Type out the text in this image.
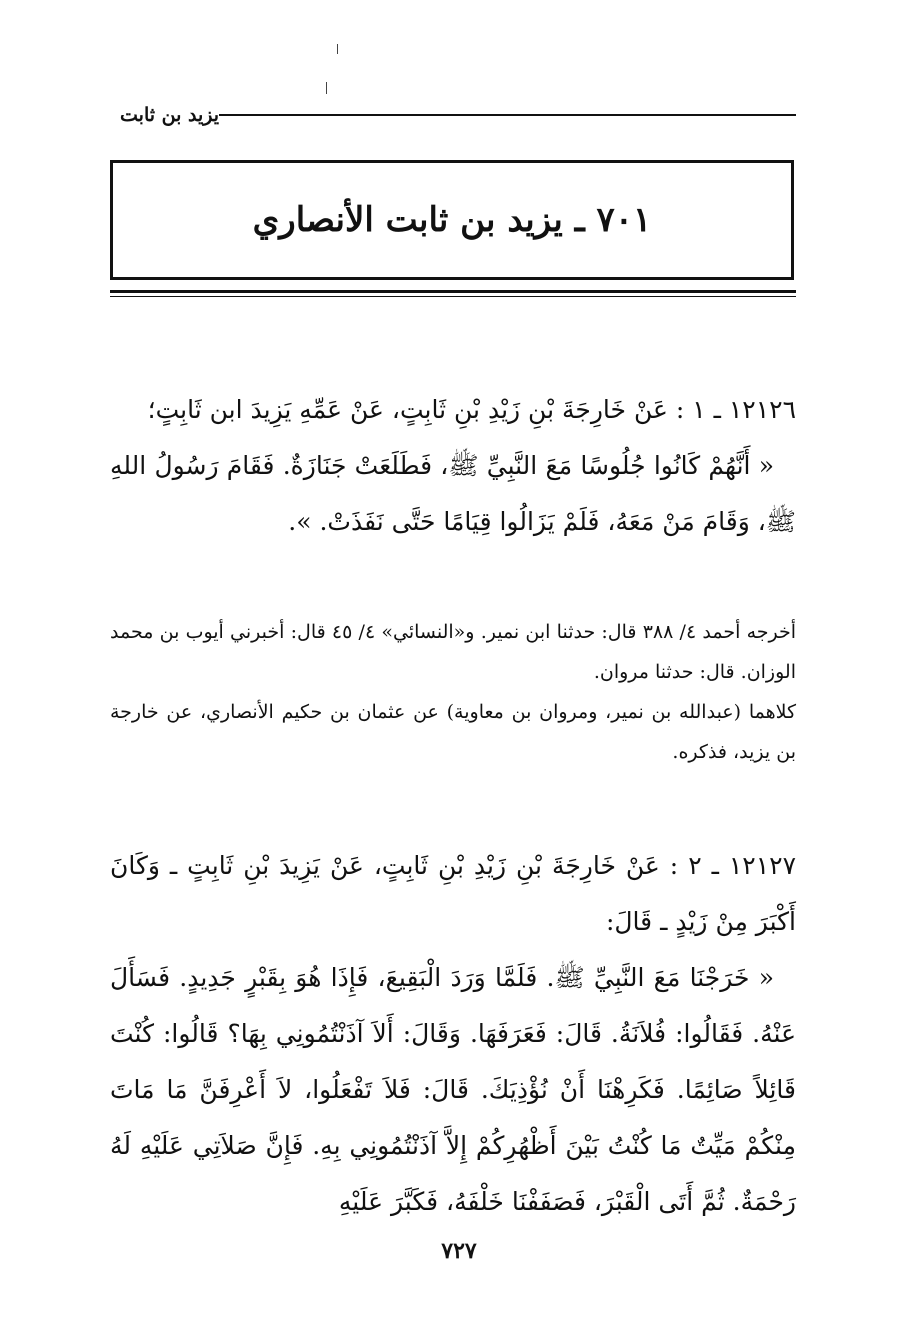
يزيد بن ثابت
٧٠١ ـ يزيد بن ثابت الأنصاري

١٢١٢٦ ـ ١ : عَنْ خَارِجَةَ بْنِ زَيْدِ بْنِ ثَابِتٍ، عَنْ عَمِّهِ يَزِيدَ ابن ثَابِتٍ؛

« أَنَّهُمْ كَانُوا جُلُوسًا مَعَ النَّبِيِّ ﷺ، فَطَلَعَتْ جَنَازَةٌ. فَقَامَ رَسُولُ اللهِ ﷺ، وَقَامَ مَنْ مَعَهُ، فَلَمْ يَزَالُوا قِيَامًا حَتَّى نَفَذَتْ. ».

أخرجه أحمد ٤/ ٣٨٨ قال: حدثنا ابن نمير. و«النسائي» ٤/ ٤٥ قال: أخبرني أيوب بن محمد الوزان. قال: حدثنا مروان.

كلاهما (عبدالله بن نمير، ومروان بن معاوية) عن عثمان بن حكيم الأنصاري، عن خارجة بن يزيد، فذكره.

١٢١٢٧ ـ ٢ : عَنْ خَارِجَةَ بْنِ زَيْدِ بْنِ ثَابِتٍ، عَنْ يَزِيدَ بْنِ ثَابِتٍ ـ وَكَانَ أَكْبَرَ مِنْ زَيْدٍ ـ قَالَ:

« خَرَجْنَا مَعَ النَّبِيِّ ﷺ. فَلَمَّا وَرَدَ الْبَقِيعَ، فَإِذَا هُوَ بِقَبْرٍ جَدِيدٍ. فَسَأَلَ عَنْهُ. فَقَالُوا: فُلاَنَةُ. قَالَ: فَعَرَفَهَا. وَقَالَ: أَلاَ آذَنْتُمُونِي بِهَا؟ قَالُوا: كُنْتَ قَائِلاً صَائِمًا. فَكَرِهْنَا أَنْ نُؤْذِيَكَ. قَالَ: فَلاَ تَفْعَلُوا، لاَ أَعْرِفَنَّ مَا مَاتَ مِنْكُمْ مَيِّتٌ مَا كُنْتُ بَيْنَ أَظْهُرِكُمْ إِلاَّ آذَنْتُمُونِي بِهِ. فَإِنَّ صَلاَتِي عَلَيْهِ لَهُ رَحْمَةٌ. ثُمَّ أَتَى الْقَبْرَ، فَصَفَفْنَا خَلْفَهُ، فَكَبَّرَ عَلَيْهِ

٧٢٧
